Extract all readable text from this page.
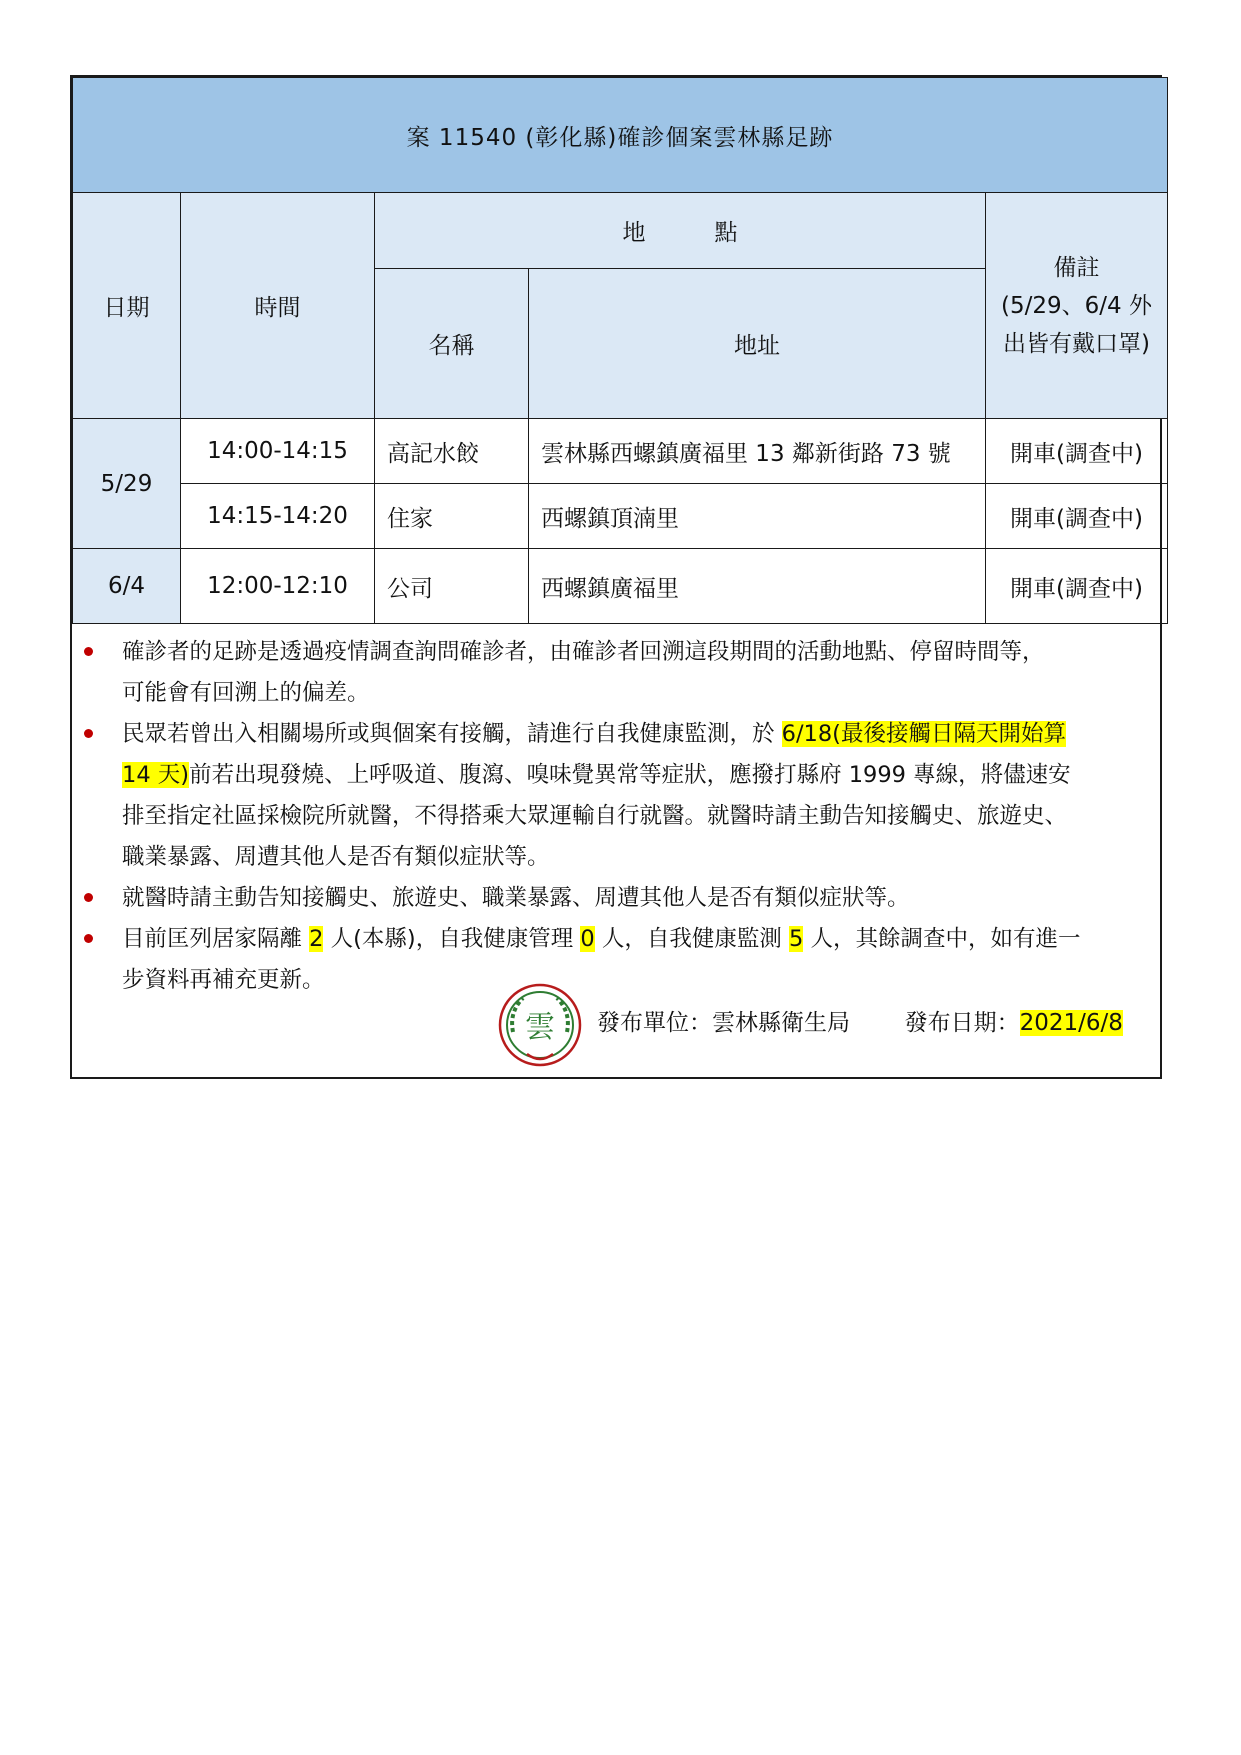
案 11540 (彰化縣)確診個案雲林縣足跡				
日期	時間	地　　　點		備註
(5/29、6/4 外
出皆有戴口罩)

		名稱	地址	
5/29	14:00-14:15	高記水餃	雲林縣西螺鎮廣福里 13 鄰新街路 73 號	開車(調查中)
	14:15-14:20	住家	西螺鎮頂湳里	開車(調查中)
6/4	12:00-12:10	公司	西螺鎮廣福里	開車(調查中)
確診者的足跡是透過疫情調查詢問確診者，由確診者回溯這段期間的活動地點、停留時間等，
可能會有回溯上的偏差。
民眾若曾出入相關場所或與個案有接觸，請進行自我健康監測，於 6/18(最後接觸日隔天開始算
14 天)前若出現發燒、上呼吸道、腹瀉、嗅味覺異常等症狀，應撥打縣府 1999 專線，將儘速安
排至指定社區採檢院所就醫，不得搭乘大眾運輸自行就醫。就醫時請主動告知接觸史、旅遊史、
職業暴露、周遭其他人是否有類似症狀等。
就醫時請主動告知接觸史、旅遊史、職業暴露、周遭其他人是否有類似症狀等。
目前匡列居家隔離 2 人(本縣)，自我健康管理 0 人，自我健康監測 5 人，其餘調查中，如有進一
步資料再補充更新。
雲 發布單位：雲林縣衛生局 發布日期：2021/6/8
